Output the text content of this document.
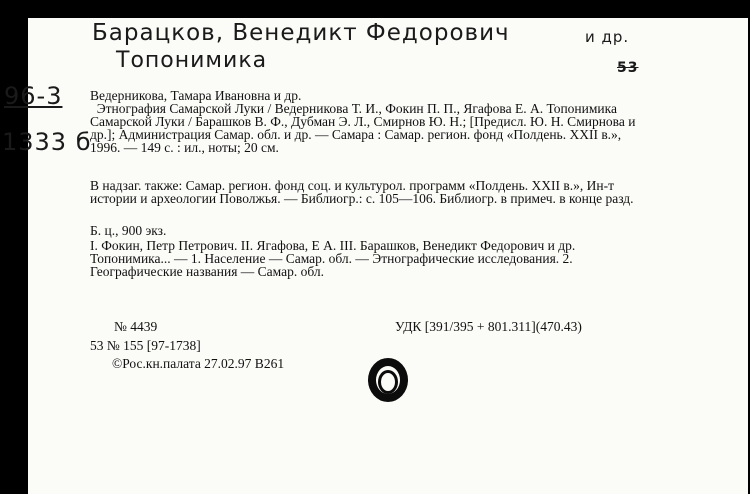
Барацков, Венедикт Федорович	и др.
Топонимика	53
96-3
1333 б

Ведерникова, Тамара Ивановна и др.
Этнография Самарской Луки / Ведерникова Т. И., Фокин П. П., Ягафова Е. А. Топонимика Самарской Луки / Барашков В. Ф., Дубман Э. Л., Смирнов Ю. Н.; [Предисл. Ю. Н. Смирнова и др.]; Администрация Самар. обл. и др. — Самара : Самар. регион. фонд «Полдень. XXII в.», 1996. — 149 с. : ил., ноты; 20 см.

В надзаг. также: Самар. регион. фонд соц. и культурол. программ «Полдень. XXII в.», Ин-т истории и археологии Поволжья. — Библиогр.: с. 105—106. Библиогр. в примеч. в конце разд.

Б. ц., 900 экз.

I. Фокин, Петр Петрович. II. Ягафова, Е А. III. Барашков, Венедикт Федорович и др. Топонимика... — 1. Население — Самар. обл. — Этнографические исследования. 2. Географические названия — Самар. обл.

№ 4439	УДК [391/395 + 801.311](470.43)
53 № 155 [97-1738]
©Рос.кн.палата 27.02.97 В261
